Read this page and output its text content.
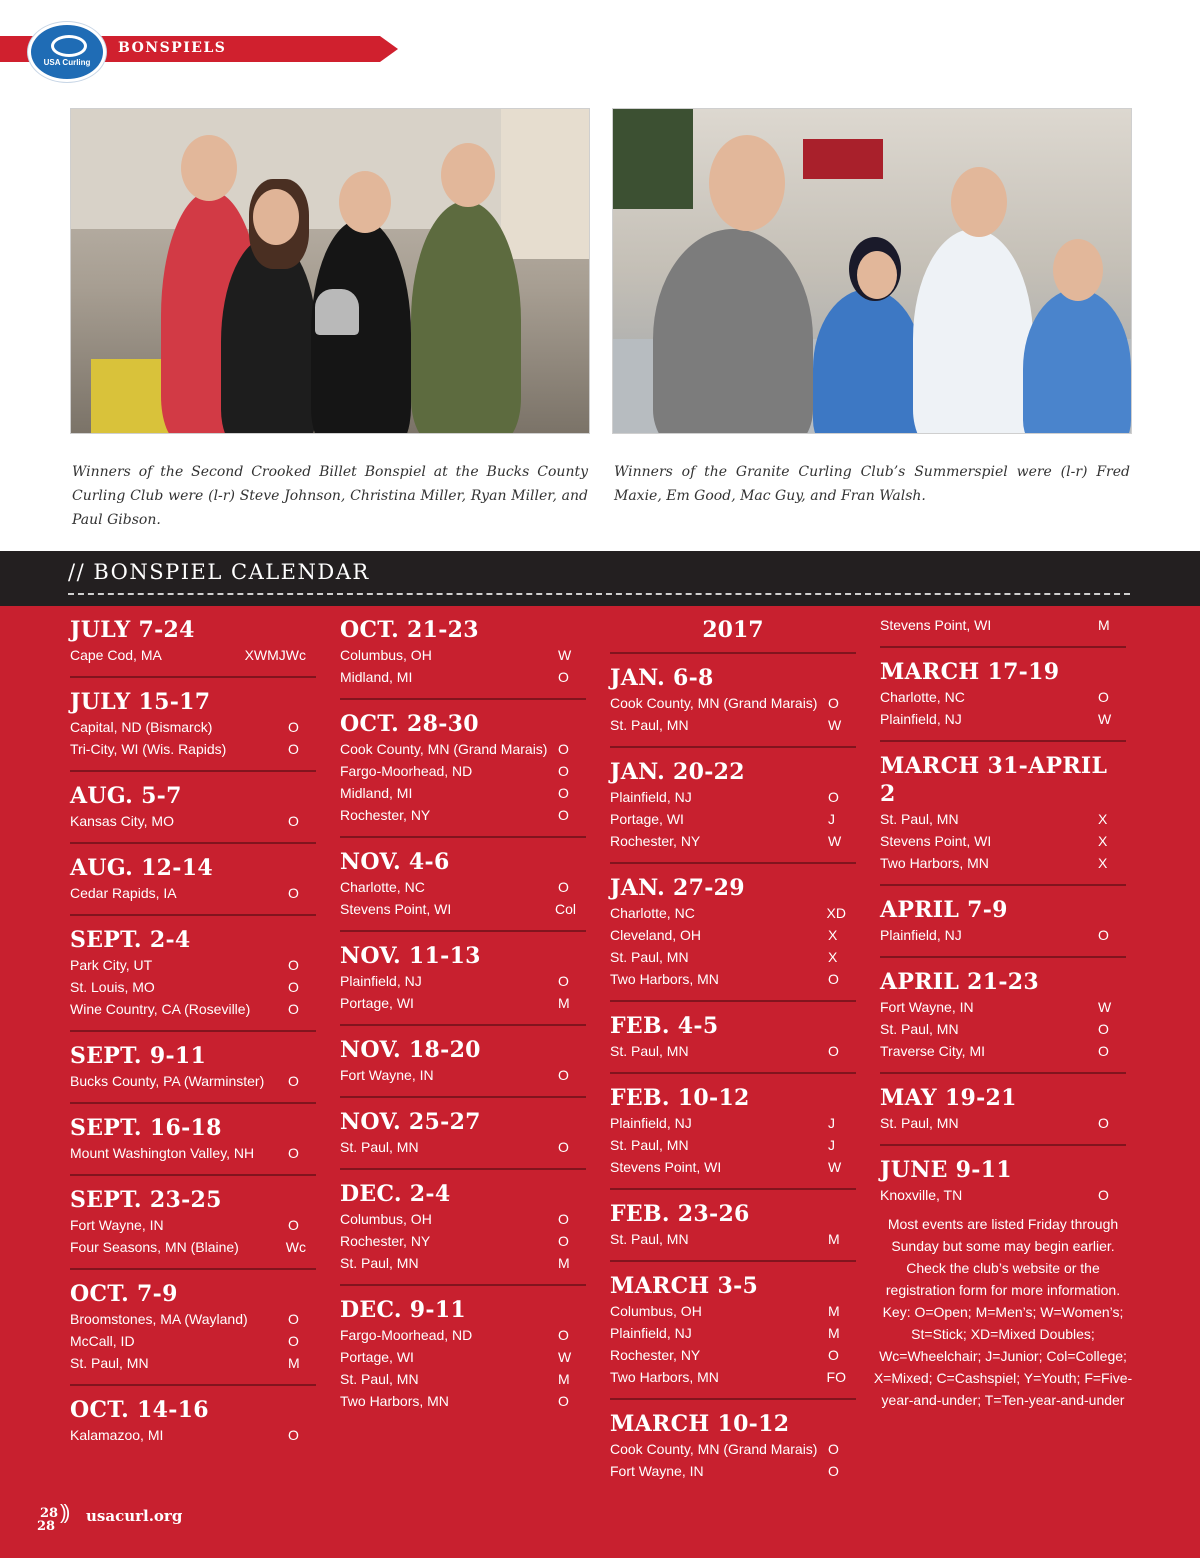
BONSPIELS
USA Curling
Winners of the Second Crooked Billet Bonspiel at the Bucks County Curling Club were (l-r) Steve Johnson, Christina Miller, Ryan Miller, and Paul Gibson.
Winners of the Granite Curling Club’s Summerspiel were (l-r) Fred Maxie, Em Good, Mac Guy, and Fran Walsh.
// BONSPIEL CALENDAR
JULY 7-24
Cape Cod, MA	XWMJWc
JULY 15-17
Capital, ND (Bismarck)	O
Tri-City, WI (Wis. Rapids)	O
AUG. 5-7
Kansas City, MO	O
AUG. 12-14
Cedar Rapids, IA	O
SEPT. 2-4
Park City, UT	O
St. Louis, MO	O
Wine Country, CA (Roseville)	O
SEPT. 9-11
Bucks County, PA (Warminster) O
SEPT. 16-18
Mount Washington Valley, NH O
SEPT. 23-25
Fort Wayne, IN	O
Four Seasons, MN (Blaine)	Wc
OCT. 7-9
Broomstones, MA (Wayland)	O
McCall, ID	O
St. Paul, MN	M
OCT. 14-16
Kalamazoo, MI	O
OCT. 21-23
Columbus, OH	W
Midland, MI	O
OCT. 28-30
Cook County, MN (Grand Marais) O
Fargo-Moorhead, ND	O
Midland, MI	O
Rochester, NY	O
NOV. 4-6
Charlotte, NC	O
Stevens Point, WI	Col
NOV. 11-13
Plainfield, NJ	O
Portage, WI	M
NOV. 18-20
Fort Wayne, IN	O
NOV. 25-27
St. Paul, MN	O
DEC. 2-4
Columbus, OH	O
Rochester, NY	O
St. Paul, MN	M
DEC. 9-11
Fargo-Moorhead, ND	O
Portage, WI	W
St. Paul, MN	M
Two Harbors, MN	O
2017
JAN. 6-8
Cook County, MN (Grand Marais) O
St. Paul, MN	W
JAN. 20-22
Plainfield, NJ	O
Portage, WI	J
Rochester, NY	W
JAN. 27-29
Charlotte, NC	XD
Cleveland, OH	X
St. Paul, MN	X
Two Harbors, MN	O
FEB. 4-5
St. Paul, MN	O
FEB. 10-12
Plainfield, NJ	J
St. Paul, MN	J
Stevens Point, WI	W
FEB. 23-26
St. Paul, MN	M
MARCH 3-5
Columbus, OH	M
Plainfield, NJ	M
Rochester, NY	O
Two Harbors, MN	FO
MARCH 10-12
Cook County, MN (Grand Marais) O
Fort Wayne, IN	O
Stevens Point, WI	M
MARCH 17-19
Charlotte, NC	O
Plainfield, NJ	W
MARCH 31-APRIL 2
St. Paul, MN	X
Stevens Point, WI	X
Two Harbors, MN	X
APRIL 7-9
Plainfield, NJ	O
APRIL 21-23
Fort Wayne, IN	W
St. Paul, MN	O
Traverse City, MI	O
MAY 19-21
St. Paul, MN	O
JUNE 9-11
Knoxville, TN	O
Most events are listed Friday through Sunday but some may begin earlier. Check the club’s website or the registration form for more information. Key: O=Open; M=Men’s; W=Women’s; St=Stick; XD=Mixed Doubles; Wc=Wheelchair; J=Junior; Col=College; X=Mixed; C=Cashspiel; Y=Youth; F=Five-year-and-under; T=Ten-year-and-under
28
28
)) usacurl.org
